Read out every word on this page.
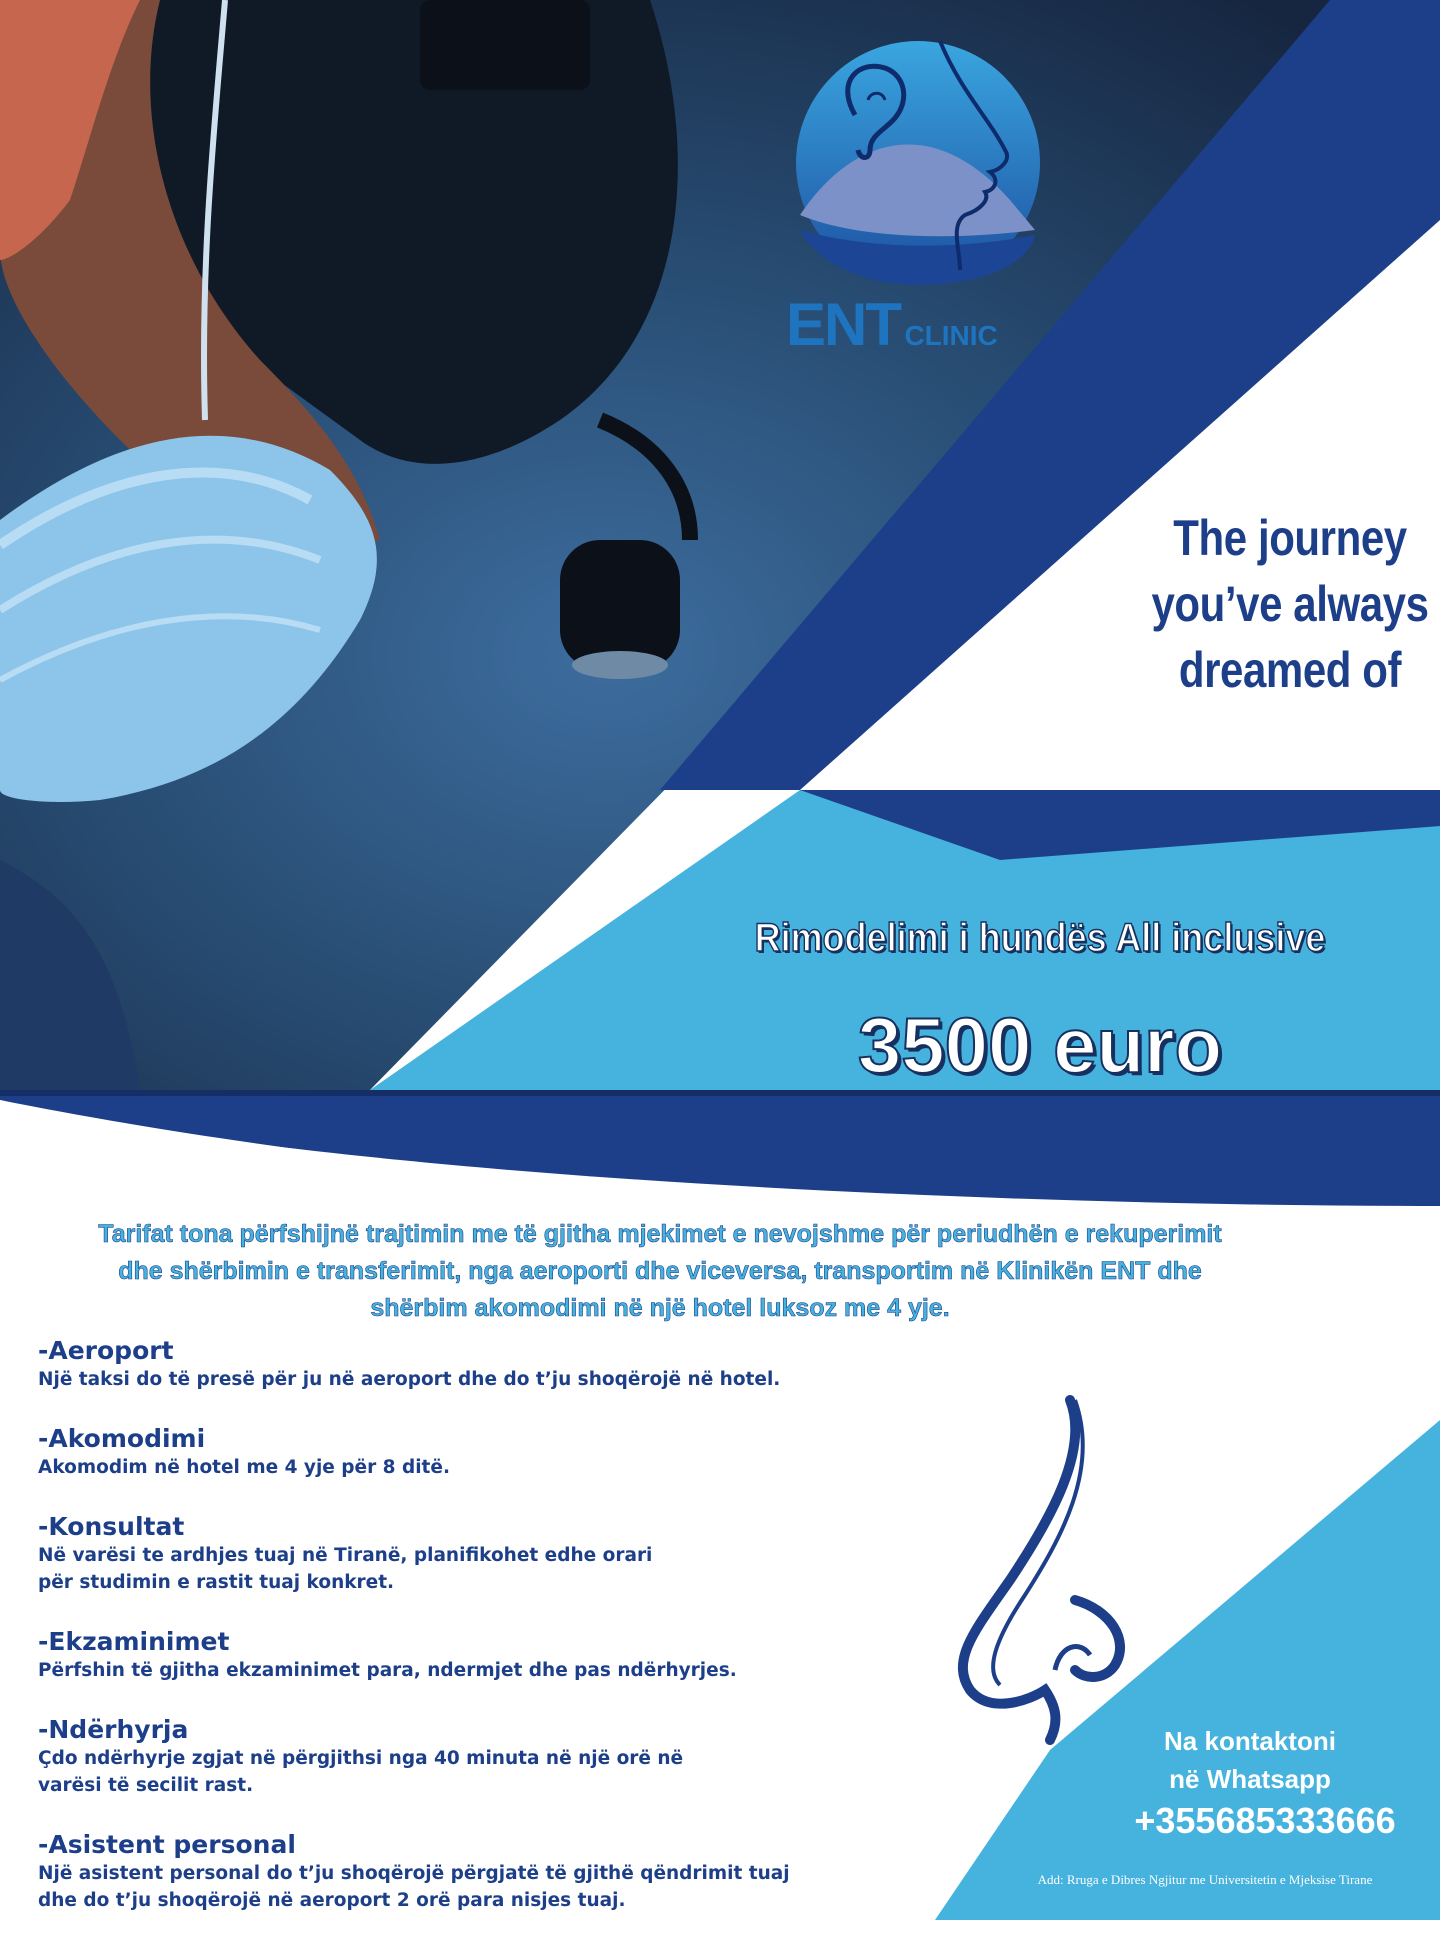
ENT CLINIC
The journey
you’ve always
dreamed of
Rimodelimi i hundës All inclusive
3500 euro
Tarifat tona përfshijnë trajtimin me të gjitha mjekimet e nevojshme për periudhën e rekuperimit
dhe shërbimin e transferimit, nga aeroporti dhe viceversa, transportim në Klinikën ENT dhe
shërbim akomodimi në një hotel luksoz me 4 yje.
-Aeroport
Një taksi do të presë për ju në aeroport dhe do t’ju shoqërojë në hotel.
-Akomodimi
Akomodim në hotel me 4 yje për 8 ditë.
-Konsultat
Në varësi te ardhjes tuaj në Tiranë, planifikohet edhe orari
për studimin e rastit tuaj konkret.
-Ekzaminimet
Përfshin të gjitha ekzaminimet para, ndermjet dhe pas ndërhyrjes.
-Ndërhyrja
Çdo ndërhyrje zgjat në përgjithsi nga 40 minuta në një orë në
varësi të secilit rast.
-Asistent personal
Një asistent personal do t’ju shoqërojë përgjatë të gjithë qëndrimit tuaj
dhe do t’ju shoqërojë në aeroport 2 orë para nisjes tuaj.
Na kontaktoni
në Whatsapp
+355685333666
Add: Rruga e Dibres Ngjitur me Universitetin e Mjeksise Tirane
